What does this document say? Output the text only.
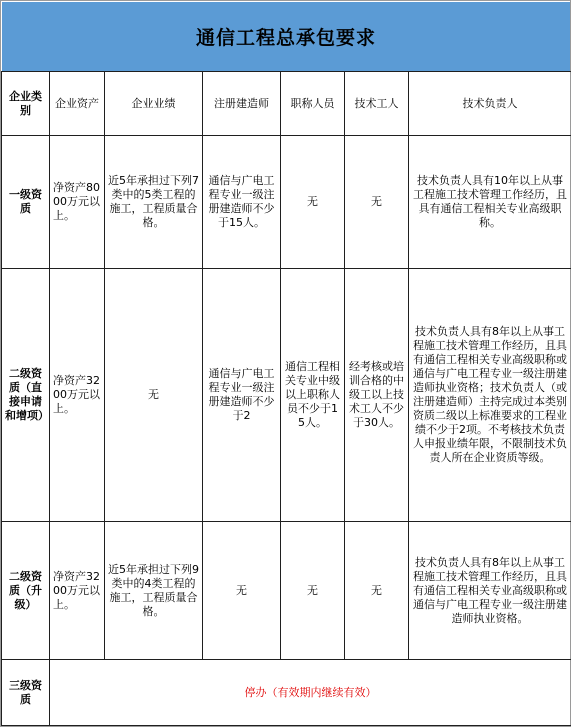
通信工程总承包要求
企业类别	企业资产	企业业绩	注册建造师	职称人员	技术工人	技术负责人
一级资质	净资产8000万元以上。	近5年承担过下列7类中的5类工程的施工，工程质量合格。	通信与广电工程专业一级注册建造师不少于15人。	无	无	技术负责人具有10年以上从事工程施工技术管理工作经历，且具有通信工程相关专业高级职称。
二级资质（直接申请和增项）	净资产3200万元以上。	无	通信与广电工程专业一级注册建造师不少于2	通信工程相关专业中级以上职称人员不少于15人。	经考核或培训合格的中级工以上技术工人不少于30人。	技术负责人具有8年以上从事工程施工技术管理工作经历，且具有通信工程相关专业高级职称或通信与广电工程专业一级注册建造师执业资格；技术负责人（或注册建造师）主持完成过本类别资质二级以上标准要求的工程业绩不少于2项。不考核技术负责人申报业绩年限，不限制技术负责人所在企业资质等级。
二级资质（升级）	净资产3200万元以上。	近5年承担过下列9类中的4类工程的施工，工程质量合格。	无	无	无	技术负责人具有8年以上从事工程施工技术管理工作经历，且具有通信工程相关专业高级职称或通信与广电工程专业一级注册建造师执业资格。
三级资质	停办（有效期内继续有效）					
